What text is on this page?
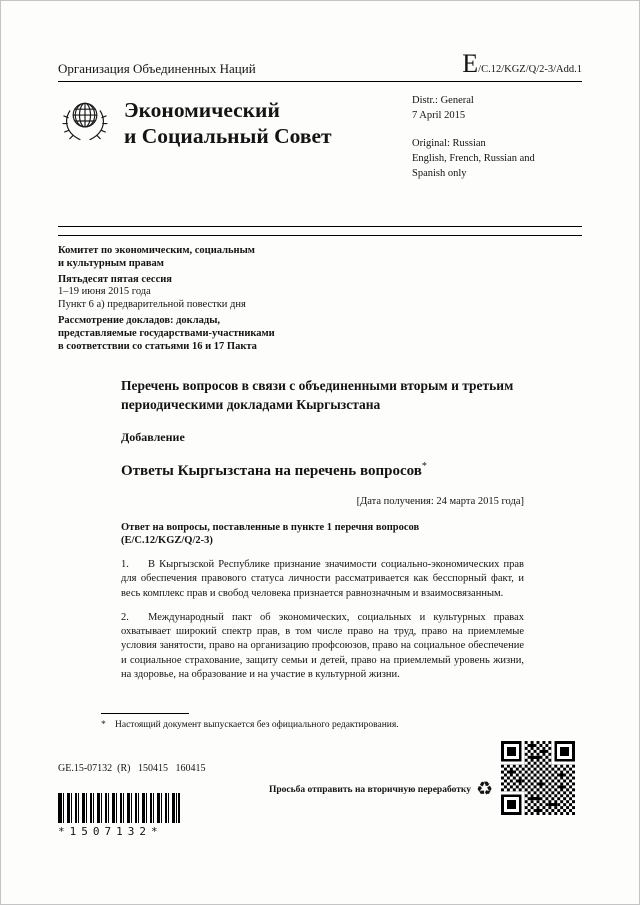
Организация Объединенных Наций	E/C.12/KGZ/Q/2-3/Add.1
Экономический
и Социальный Совет
Distr.: General
7 April 2015
Original: Russian
English, French, Russian and
Spanish only
Комитет по экономическим, социальным
и культурным правам
Пятьдесят пятая сессия
1–19 июня 2015 года
Пункт 6 а) предварительной повестки дня
Рассмотрение докладов: доклады,
представляемые государствами-участниками
в соответствии со статьями 16 и 17 Пакта
Перечень вопросов в связи с объединенными вторым и третьим периодическими докладами Кыргызстана
Добавление
Ответы Кыргызстана на перечень вопросов*
[Дата получения: 24 марта 2015 года]
Ответ на вопросы, поставленные в пункте 1 перечня вопросов
(E/C.12/KGZ/Q/2-3)

1. В Кыргызской Республике признание значимости социально-экономических прав для обеспечения правового статуса личности рассматривается как бесспорный факт, и весь комплекс прав и свобод человека признается равнозначным и взаимосвязанным.

2. Международный пакт об экономических, социальных и культурных правах охватывает широкий спектр прав, в том числе право на труд, право на приемлемые условия занятости, право на организацию профсоюзов, право на социальное обеспечение и социальное страхование, защиту семьи и детей, право на приемлемый уровень жизни, на здоровье, на образование и на участие в культурной жизни.

* Настоящий документ выпускается без официального редактирования.
GE.15-07132  (R)   150415   160415
*1507132*
Просьба отправить на вторичную переработку ♻
